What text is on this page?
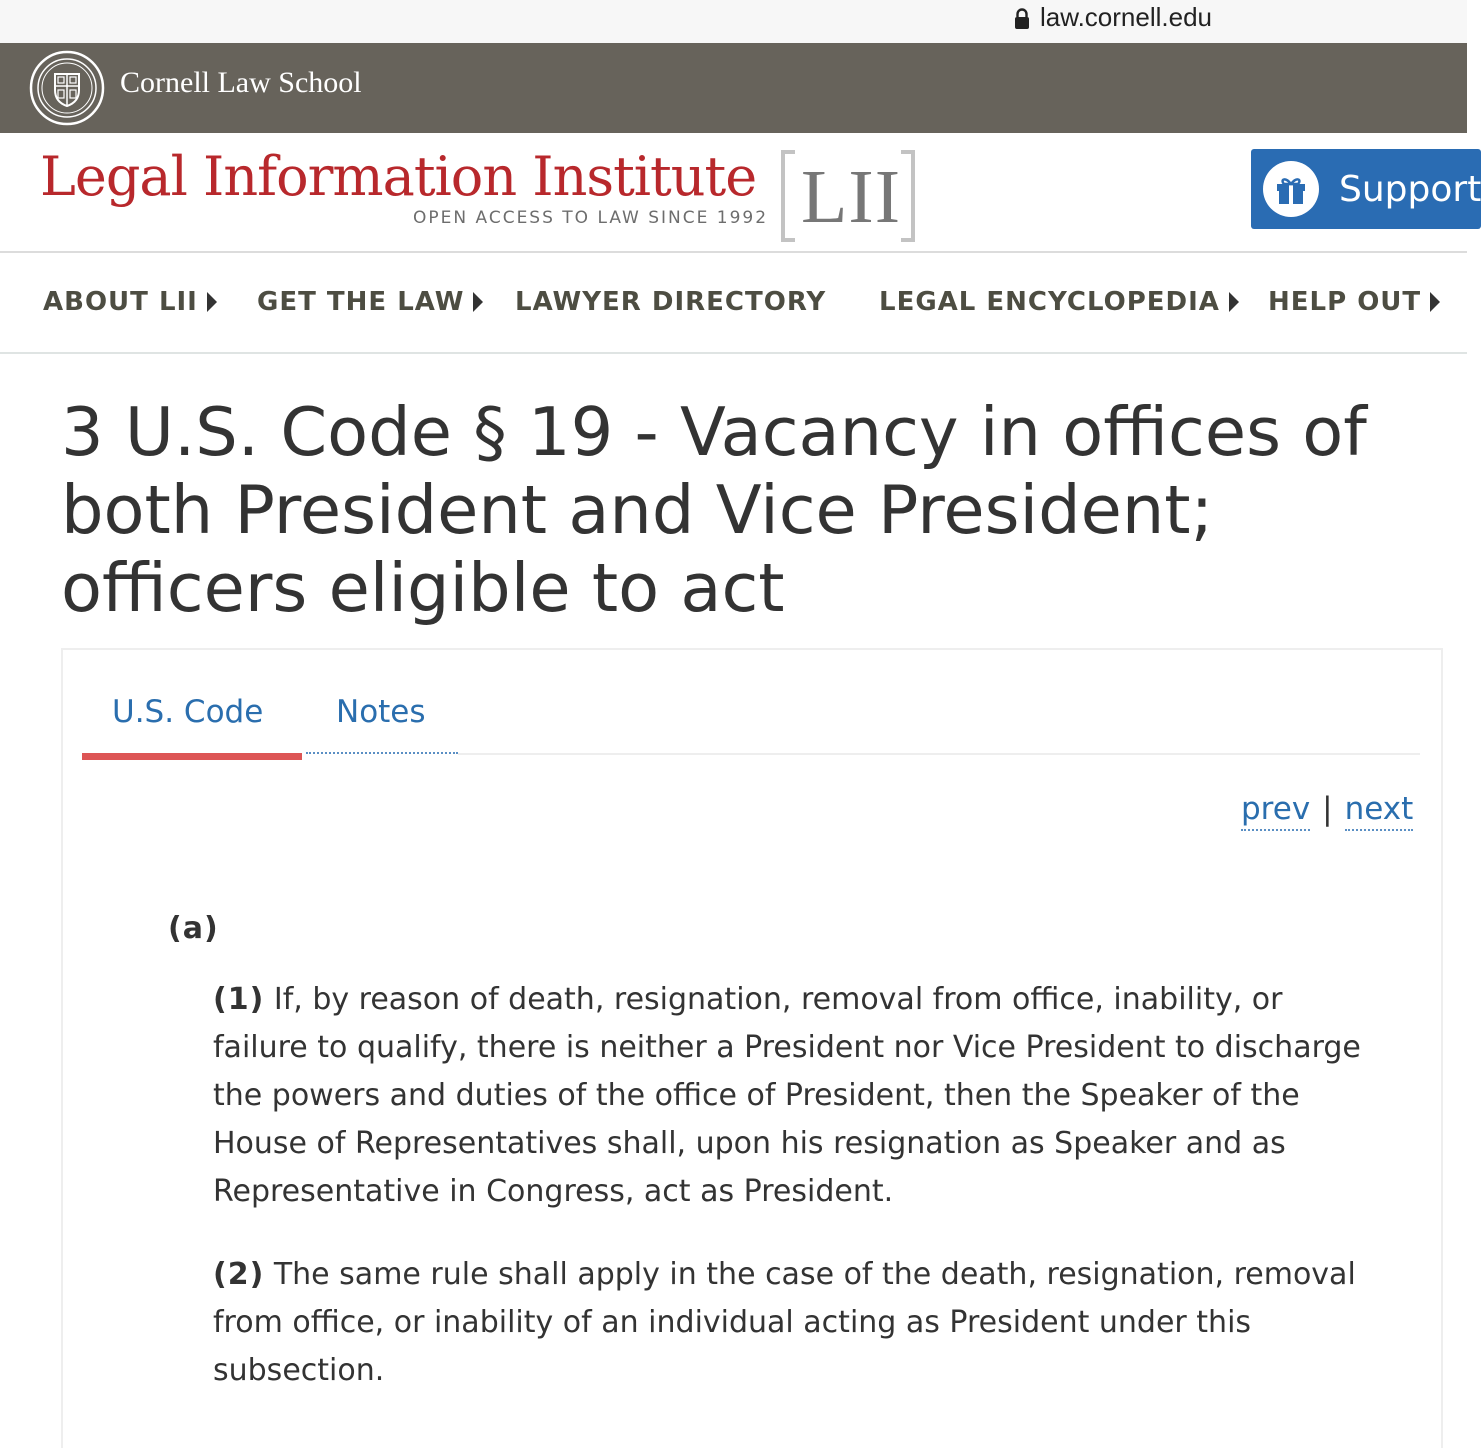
law.cornell.edu
Cornell Law School
Legal Information Institute
OPEN ACCESS TO LAW SINCE 1992 LII	Support
ABOUT LII GET THE LAW LAWYER DIRECTORY LEGAL ENCYCLOPEDIA HELP OUT
3 U.S. Code § 19 - Vacancy in offices of both President and Vice President; officers eligible to act
U.S. Code Notes
prev | next
(a)

(1) If, by reason of death, resignation, removal from office, inability, or failure to qualify, there is neither a President nor Vice President to discharge the powers and duties of the office of President, then the Speaker of the House of Representatives shall, upon his resignation as Speaker and as Representative in Congress, act as President.

(2) The same rule shall apply in the case of the death, resignation, removal from office, or inability of an individual acting as President under this subsection.
